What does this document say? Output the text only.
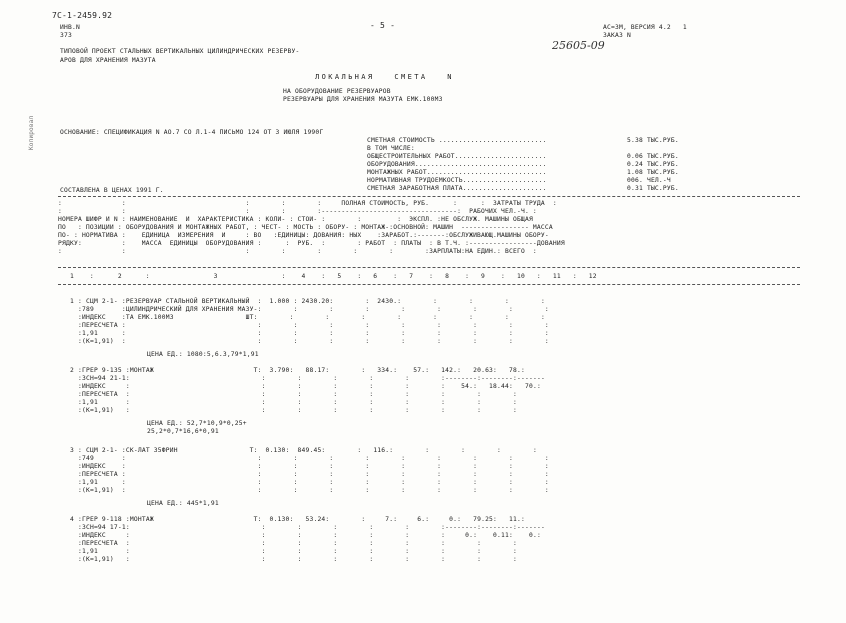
7С-1-2459.92
ИНВ.N
373
- 5 -	АС=3М, ВЕРСИЯ 4.2   1
ЗАКАЗ N
25605-09
ТИПОВОЙ ПРОЕКТ СТАЛЬНЫХ ВЕРТИКАЛЬНЫХ ЦИЛИНДРИЧЕСКИХ РЕЗЕРВУ-
АРОВ ДЛЯ ХРАНЕНИЯ МАЗУТА
Копировал
ЛОКАЛЬНАЯ   СМЕТА   N
НА ОБОРУДОВАНИЕ РЕЗЕРВУАРОВ
РЕЗЕРВУАРЫ ДЛЯ ХРАНЕНИЯ МАЗУТА ЕМК.100МЗ
ОСНОВАНИЕ: СПЕЦИФИКАЦИЯ N АО.7 СО Л.1-4 ПИСЬМО 124 ОТ 3 ИЮЛЯ 1990Г
СМЕТНАЯ СТОИМОСТЬ ...........................	5.38 ТЫС.РУБ.
В ТОМ ЧИСЛЕ:
ОБЩЕСТРОИТЕЛЬНЫХ РАБОТ.......................	0.06 ТЫС.РУБ.
ОБОРУДОВАНИЯ.................................	0.24 ТЫС.РУБ.
МОНТАЖНЫХ РАБОТ..............................	1.08 ТЫС.РУБ.
НОРМАТИВНАЯ ТРУДОЕМКОСТЬ.....................	006. ЧЕЛ.-Ч
СМЕТНАЯ ЗАРАБОТНАЯ ПЛАТА.....................	0.31 ТЫС.РУБ.
СОСТАВЛЕНА В ЦЕНАХ 1991 Г.
:               :                              :        :        :     ПОЛНАЯ СТОИМОСТЬ, РУБ.      :      :  ЗАТРАТЫ ТРУДА  :
:               :                              :        :        :----------------------------------:  РАБОЧИХ ЧЕЛ.-Ч. :
НОМЕРА ШИФР И N : НАИМЕНОВАНИЕ  И  ХАРАКТЕРИСТИКА : КОЛИ- : СТОИ- :        :         :  ЭКСПЛ. :НЕ ОБСЛУЖ. МАШИНЫ ОБЩАЯ
ПО   : ПОЗИЦИИ : ОБОРУДОВАНИЯ И МОНТАЖНЫХ РАБОТ, : ЧЕСТ- : МОСТЬ : ОБОРУ- : МОНТАЖ-:ОСНОВНОЙ: МАШИН  ----------------- МАССА
ПО- : НОРМАТИВА :    ЕДИНИЦА  ИЗМЕРЕНИЯ  И     : ВО   :ЕДИНИЦЫ: ДОВАНИЯ: НЫХ    :ЗАРАБОТ.:-------:ОБСЛУЖИВАЮЩ.МАШИНЫ ОБОРУ-
РЯДКУ:          :    МАССА  ЕДИНИЦЫ  ОБОРУДОВАНИЯ :      :  РУБ.  :        : РАБОТ  : ПЛАТЫ  : В Т.Ч. :-----------------ДОВАНИЯ
:               :                              :        :        :        :        :        :ЗАРПЛАТЫ:НА ЕДИН.: ВСЕГО  :
1    :      2      :                3                :    4    :   5    :   6    :   7    :   8    :   9    :   10   :   11   :   12
1 : СЦМ 2-1- :РЕЗЕРВУАР СТАЛЬНОЙ ВЕРТИКАЛЬНЫЙ  :  1.000 : 2430.20:        :  2430.:        :        :        :        :
:789       :ЦИЛИНДРИЧЕСКИЙ ДЛЯ ХРАНЕНИЯ МАЗУ-:        :        :        :        :        :        :        :        :
:ИНДЕКС    :ТА ЕМК.100МЗ                  ШТ:        :        :        :        :        :        :        :        :
:ПЕРЕСЧЕТА :                                 :        :        :        :        :        :        :        :        :
:1,91      :                                 :        :        :        :        :        :        :        :        :
:(К=1,91)  :                                 :        :        :        :        :        :        :        :        :
ЦЕНА ЕД.: 1080:5,6.3,79*1,91
2 :ГРЕР 9-135 :МОНТАЖ                         Т:  3.790:   88.17:        :   334.:    57.:   142.:   20.63:   78.:
:ЗСН=94 21-1:                                 :        :        :        :        :        :--------:--------:-------
:ИНДЕКС     :                                 :        :        :        :        :        :    54.:   18.44:   70.:
:ПЕРЕСЧЕТА  :                                 :        :        :        :        :        :        :        :
:1,91       :                                 :        :        :        :        :        :        :        :
:(К=1,91)   :                                 :        :        :        :        :        :        :        :
ЦЕНА ЕД.: 52,7*10,9*0,25+
25,2*0,7*16,6*0,91
3 : СЦМ 2-1- :СК-ЛАТ 35ФРИН                  Т:  0.130:  849.45:        :   116.:        :        :        :        :
:749       :                                 :        :        :        :        :        :        :        :        :
:ИНДЕКС    :                                 :        :        :        :        :        :        :        :        :
:ПЕРЕСЧЕТА :                                 :        :        :        :        :        :        :        :        :
:1,91      :                                 :        :        :        :        :        :        :        :        :
:(К=1,91)  :                                 :        :        :        :        :        :        :        :        :
ЦЕНА ЕД.: 445*1,91
4 :ГРЕР 9-118 :МОНТАЖ                         Т:  0.130:   53.24:        :     7.:     6.:     0.:   79.25:   11.:
:ЗСН=94 17-1:                                 :        :        :        :        :        :--------:--------:-------
:ИНДЕКС     :                                 :        :        :        :        :        :     0.:    0.11:    0.:
:ПЕРЕСЧЕТА  :                                 :        :        :        :        :        :        :        :
:1,91       :                                 :        :        :        :        :        :        :        :
:(К=1,91)   :                                 :        :        :        :        :        :        :        :
